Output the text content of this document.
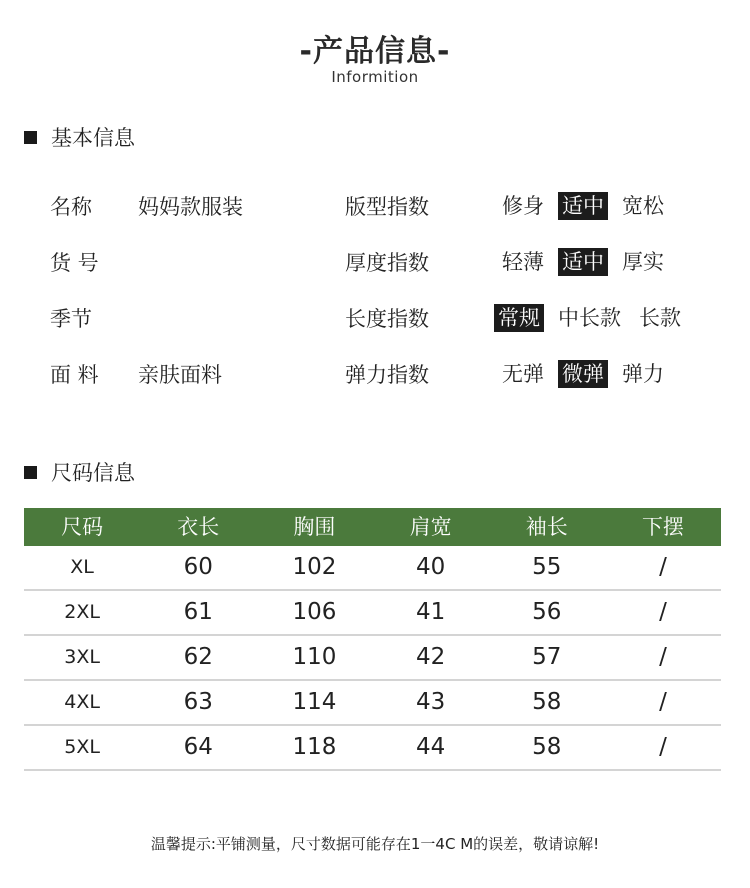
-产品信息-
Informition
基本信息
名称 妈妈款服装	版型指数	修身 适中 宽松
货 号	厚度指数	轻薄 适中 厚实
季节	长度指数	常规 中长款 长款
面 料 亲肤面料	弹力指数	无弹 微弹 弹力
尺码信息
尺码	衣长	胸围	肩宽	袖长	下摆
XL	60	102	40	55	/
2XL	61	106	41	56	/
3XL	62	110	42	57	/
4XL	63	114	43	58	/
5XL	64	118	44	58	/
温馨提示:平铺测量，尺寸数据可能存在1一4C M的误差，敬请谅解!
